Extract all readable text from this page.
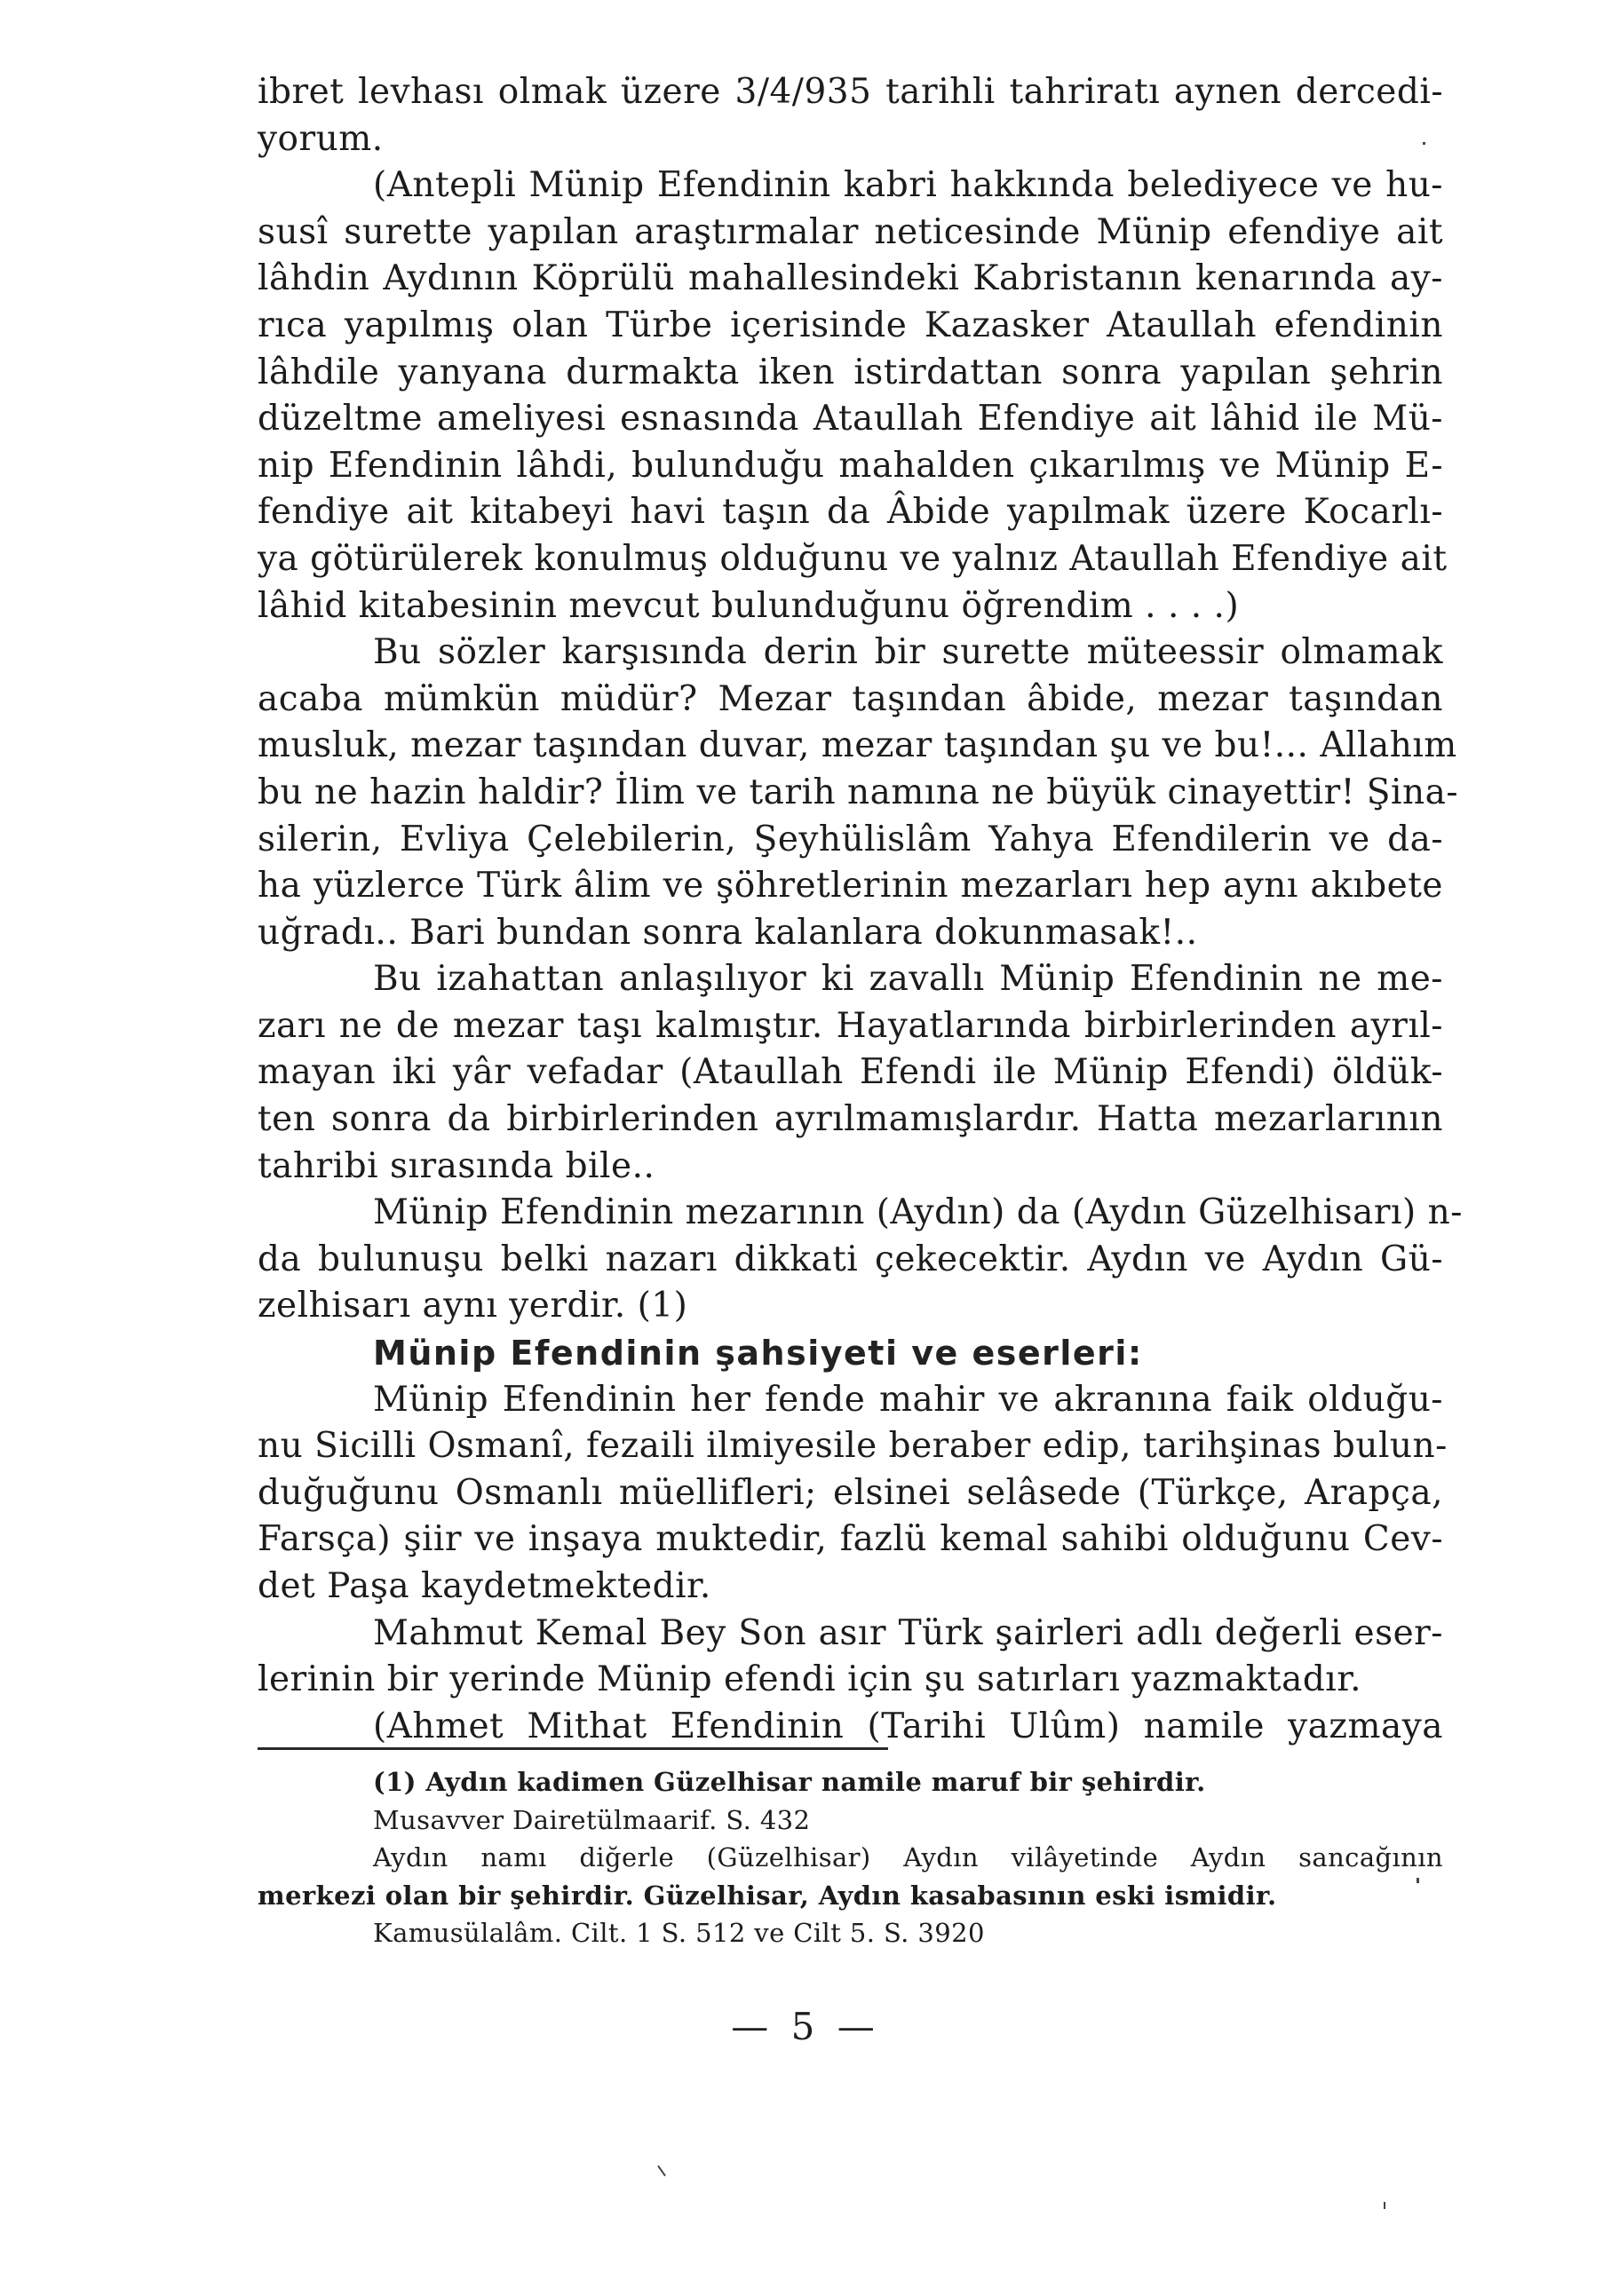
ibret levhası olmak üzere 3/4/935 tarihli tahriratı aynen dercedi-
yorum.
(Antepli Münip Efendinin kabri hakkında belediyece ve hu-
susî surette yapılan araştırmalar neticesinde Münip efendiye ait
lâhdin Aydının Köprülü mahallesindeki Kabristanın kenarında ay-
rıca yapılmış olan Türbe içerisinde Kazasker Ataullah efendinin
lâhdile yanyana durmakta iken istirdattan sonra yapılan şehrin
düzeltme ameliyesi esnasında Ataullah Efendiye ait lâhid ile Mü-
nip Efendinin lâhdi, bulunduğu mahalden çıkarılmış ve Münip E-
fendiye ait kitabeyi havi taşın da Âbide yapılmak üzere Kocarlı-
ya götürülerek konulmuş olduğunu ve yalnız Ataullah Efendiye ait
lâhid kitabesinin mevcut bulunduğunu öğrendim . . . .)
Bu sözler karşısında derin bir surette müteessir olmamak
acaba mümkün müdür? Mezar taşından âbide, mezar taşından
musluk, mezar taşından duvar, mezar taşından şu ve bu!... Allahım
bu ne hazin haldir? İlim ve tarih namına ne büyük cinayettir! Şina-
silerin, Evliya Çelebilerin, Şeyhülislâm Yahya Efendilerin ve da-
ha yüzlerce Türk âlim ve şöhretlerinin mezarları hep aynı akıbete
uğradı.. Bari bundan sonra kalanlara dokunmasak!..
Bu izahattan anlaşılıyor ki zavallı Münip Efendinin ne me-
zarı ne de mezar taşı kalmıştır. Hayatlarında birbirlerinden ayrıl-
mayan iki yâr vefadar (Ataullah Efendi ile Münip Efendi) öldük-
ten sonra da birbirlerinden ayrılmamışlardır. Hatta mezarlarının
tahribi sırasında bile..
Münip Efendinin mezarının (Aydın) da (Aydın Güzelhisarı) n-
da bulunuşu belki nazarı dikkati çekecektir. Aydın ve Aydın Gü-
zelhisarı aynı yerdir. (1)
Münip Efendinin şahsiyeti ve eserleri:
Münip Efendinin her fende mahir ve akranına faik olduğu-
nu Sicilli Osmanî, fezaili ilmiyesile beraber edip, tarihşinas bulun-
duğuğunu Osmanlı müellifleri; elsinei selâsede (Türkçe, Arapça,
Farsça) şiir ve inşaya muktedir, fazlü kemal sahibi olduğunu Cev-
det Paşa kaydetmektedir.
Mahmut Kemal Bey Son asır Türk şairleri adlı değerli eser-
lerinin bir yerinde Münip efendi için şu satırları yazmaktadır.
(Ahmet Mithat Efendinin (Tarihi Ulûm) namile yazmaya
(1) Aydın kadimen Güzelhisar namile maruf bir şehirdir.
Musavver Dairetülmaarif. S. 432
Aydın namı diğerle (Güzelhisar) Aydın vilâyetinde Aydın sancağının
merkezi olan bir şehirdir. Güzelhisar, Aydın kasabasının eski ismidir.
Kamusülalâm. Cilt. 1 S. 512 ve Cilt 5. S. 3920
— 5 —
